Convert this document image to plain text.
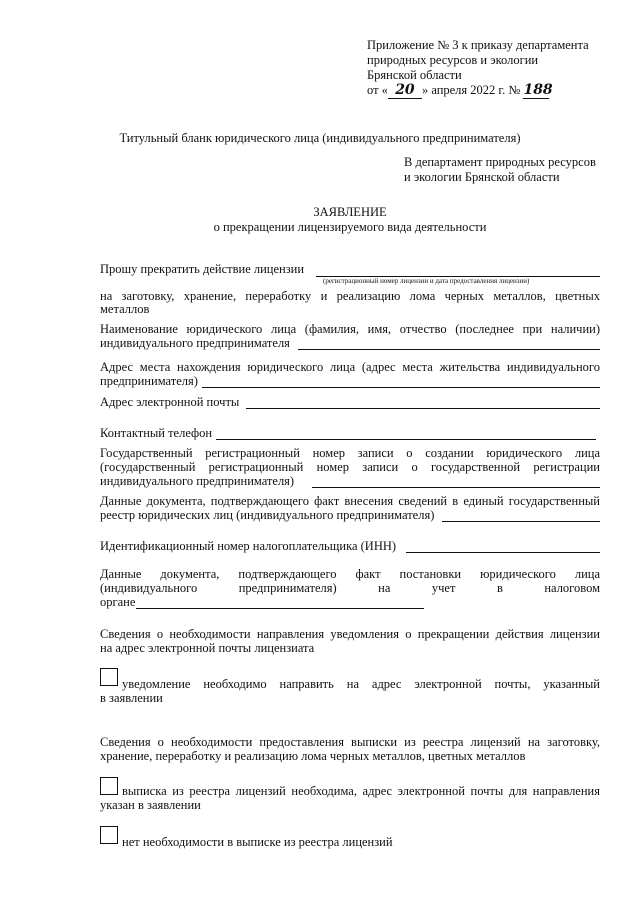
Приложение № 3 к приказу департамента
природных ресурсов и экологии
Брянской области
от « 20 » апреля 2022 г. № 188
Титульный бланк юридического лица (индивидуального предпринимателя)
В департамент природных ресурсов
и экологии Брянской области
ЗАЯВЛЕНИЕ
о прекращении лицензируемого вида деятельности
Прошу прекратить действие лицензии
(регистрационный номер лицензии и дата предоставления лицензии)
на заготовку, хранение, переработку и реализацию лома черных металлов, цветных
металлов
Наименование юридического лица (фамилия, имя, отчество (последнее при наличии)
индивидуального предпринимателя
Адрес места нахождения юридического лица (адрес места жительства индивидуального
предпринимателя)
Адрес электронной почты
Контактный телефон
Государственный регистрационный номер записи о создании юридического лица
(государственный регистрационный номер записи о государственной регистрации
индивидуального предпринимателя)
Данные документа, подтверждающего факт внесения сведений в единый государственный
реестр юридических лиц (индивидуального предпринимателя)
Идентификационный номер налогоплательщика (ИНН)
Данные документа, подтверждающего факт постановки юридического лица
(индивидуального предпринимателя) на учет в налоговом
органе
Сведения о необходимости направления уведомления о прекращении действия лицензии
на адрес электронной почты лицензиата
уведомление необходимо направить на адрес электронной почты, указанный
в заявлении
Сведения о необходимости предоставления выписки из реестра лицензий на заготовку,
хранение, переработку и реализацию лома черных металлов, цветных металлов
выписка из реестра лицензий необходима, адрес электронной почты для направления
указан в заявлении
нет необходимости в выписке из реестра лицензий
